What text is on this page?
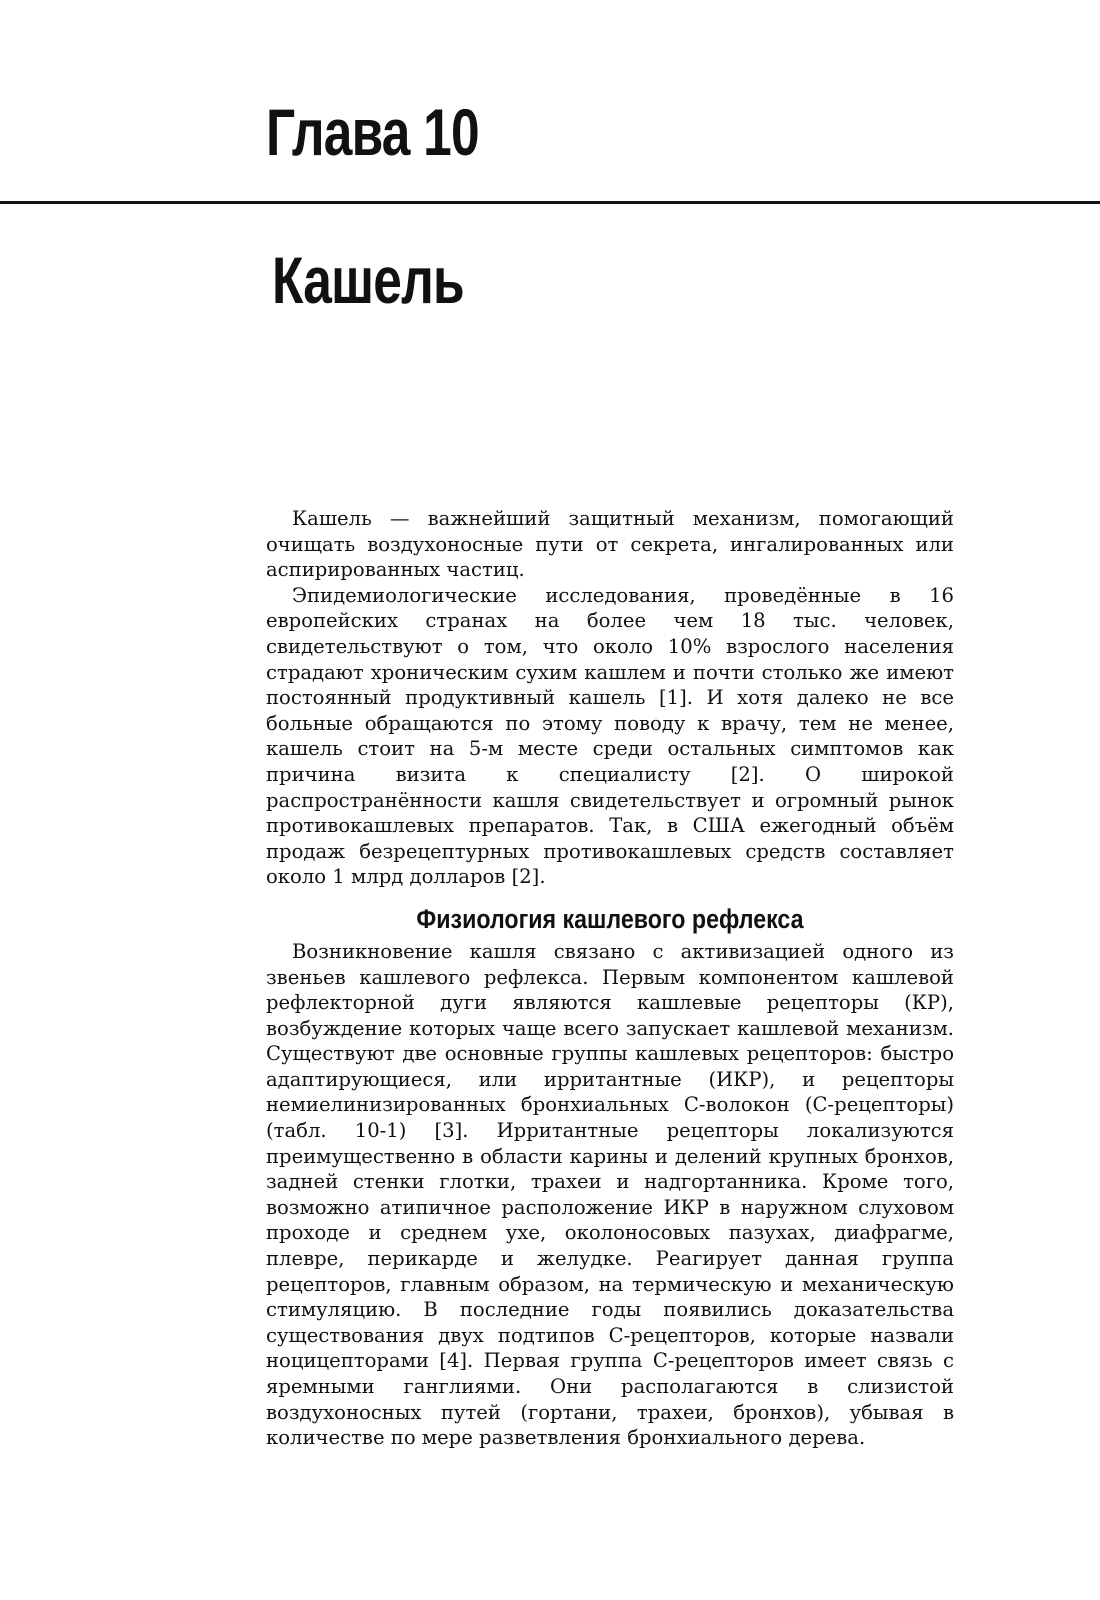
Глава 10
Кашель

Кашель — важнейший защитный механизм, помогающий очищать воздухоносные пути от секрета, ингалированных или аспирированных частиц.

Эпидемиологические исследования, проведённые в 16 европейских странах на более чем 18 тыс. человек, свидетельствуют о том, что около 10% взрослого населения страдают хроническим сухим кашлем и почти столько же имеют постоянный продуктивный кашель [1]. И хотя далеко не все больные обращаются по этому поводу к врачу, тем не менее, кашель стоит на 5-м месте среди остальных симптомов как причина визита к специалисту [2]. О широкой распространённости кашля свидетельствует и огромный рынок противокашлевых препаратов. Так, в США ежегодный объём продаж безрецептурных противокашлевых средств составляет около 1 млрд долларов [2].

Физиология кашлевого рефлекса

Возникновение кашля связано с активизацией одного из звеньев кашлевого рефлекса. Первым компонентом кашлевой рефлекторной дуги являются кашлевые рецепторы (КР), возбуждение которых чаще всего запускает кашлевой механизм. Существуют две основные группы кашлевых рецепторов: быстро адаптирующиеся, или ирритантные (ИКР), и рецепторы немиелинизированных бронхиальных С-волокон (С-рецепторы) (табл. 10-1) [3]. Ирритантные рецепторы локализуются преимущественно в области карины и делений крупных бронхов, задней стенки глотки, трахеи и надгортанника. Кроме того, возможно атипичное расположение ИКР в наружном слуховом проходе и среднем ухе, околоносовых пазухах, диафрагме, плевре, перикарде и желудке. Реагирует данная группа рецепторов, главным образом, на термическую и механическую стимуляцию. В последние годы появились доказательства существования двух подтипов С-рецепторов, которые назвали ноцицепторами [4]. Первая группа С-рецепторов имеет связь с яремными ганглиями. Они располагаются в слизистой воздухоносных путей (гортани, трахеи, бронхов), убывая в количестве по мере разветвления бронхиального дерева.
